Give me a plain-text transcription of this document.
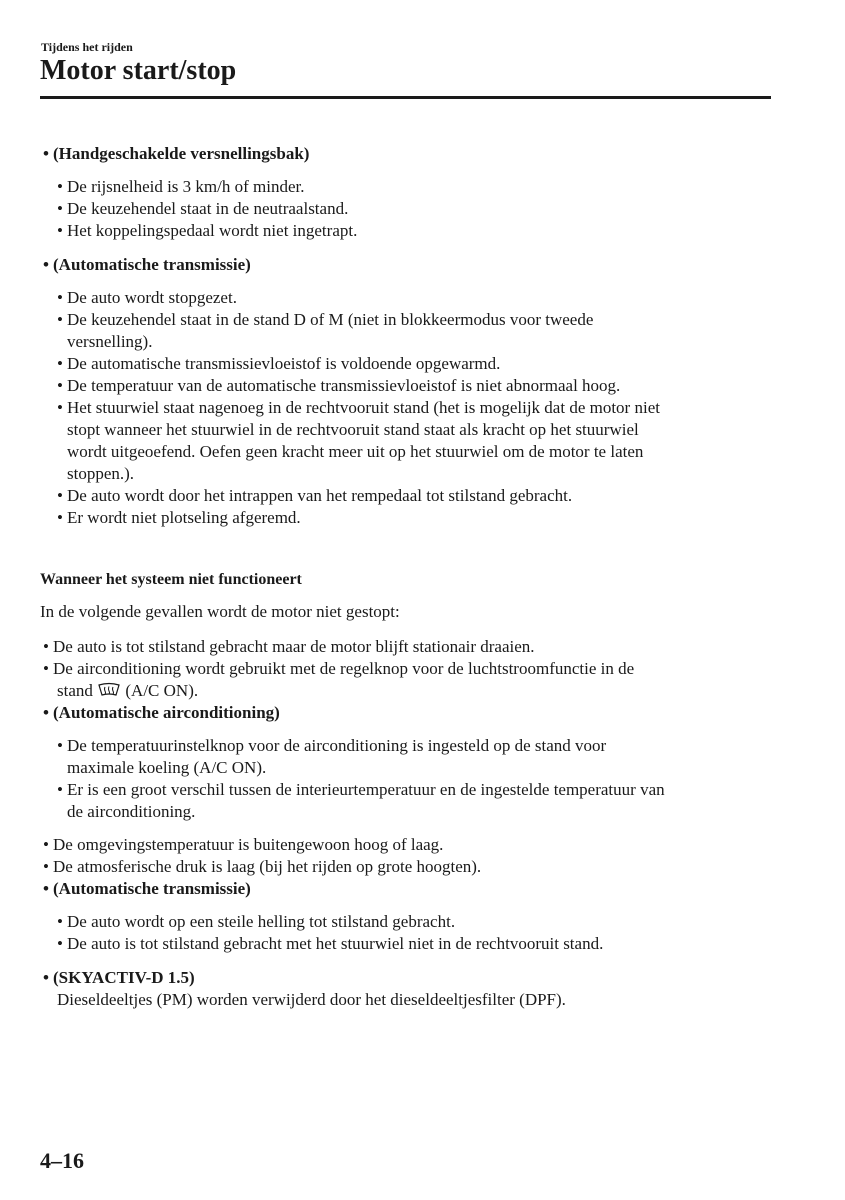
Tijdens het rijden
Motor start/stop
• (Handgeschakelde versnellingsbak)
• De rijsnelheid is 3 km/h of minder.
• De keuzehendel staat in de neutraalstand.
• Het koppelingspedaal wordt niet ingetrapt.
• (Automatische transmissie)
• De auto wordt stopgezet.
• De keuzehendel staat in de stand D of M (niet in blokkeermodus voor tweede
versnelling).
• De automatische transmissievloeistof is voldoende opgewarmd.
• De temperatuur van de automatische transmissievloeistof is niet abnormaal hoog.
• Het stuurwiel staat nagenoeg in de rechtvooruit stand (het is mogelijk dat de motor niet
stopt wanneer het stuurwiel in de rechtvooruit stand staat als kracht op het stuurwiel
wordt uitgeoefend. Oefen geen kracht meer uit op het stuurwiel om de motor te laten
stoppen.).
• De auto wordt door het intrappen van het rempedaal tot stilstand gebracht.
• Er wordt niet plotseling afgeremd.
Wanneer het systeem niet functioneert
In de volgende gevallen wordt de motor niet gestopt:
• De auto is tot stilstand gebracht maar de motor blijft stationair draaien.
• De airconditioning wordt gebruikt met de regelknop voor de luchtstroomfunctie in de
stand (A/C ON).
• (Automatische airconditioning)
• De temperatuurinstelknop voor de airconditioning is ingesteld op de stand voor
maximale koeling (A/C ON).
• Er is een groot verschil tussen de interieurtemperatuur en de ingestelde temperatuur van
de airconditioning.
• De omgevingstemperatuur is buitengewoon hoog of laag.
• De atmosferische druk is laag (bij het rijden op grote hoogten).
• (Automatische transmissie)
• De auto wordt op een steile helling tot stilstand gebracht.
• De auto is tot stilstand gebracht met het stuurwiel niet in de rechtvooruit stand.
• (SKYACTIV-D 1.5)
Dieseldeeltjes (PM) worden verwijderd door het dieseldeeltjesfilter (DPF).
4–16
